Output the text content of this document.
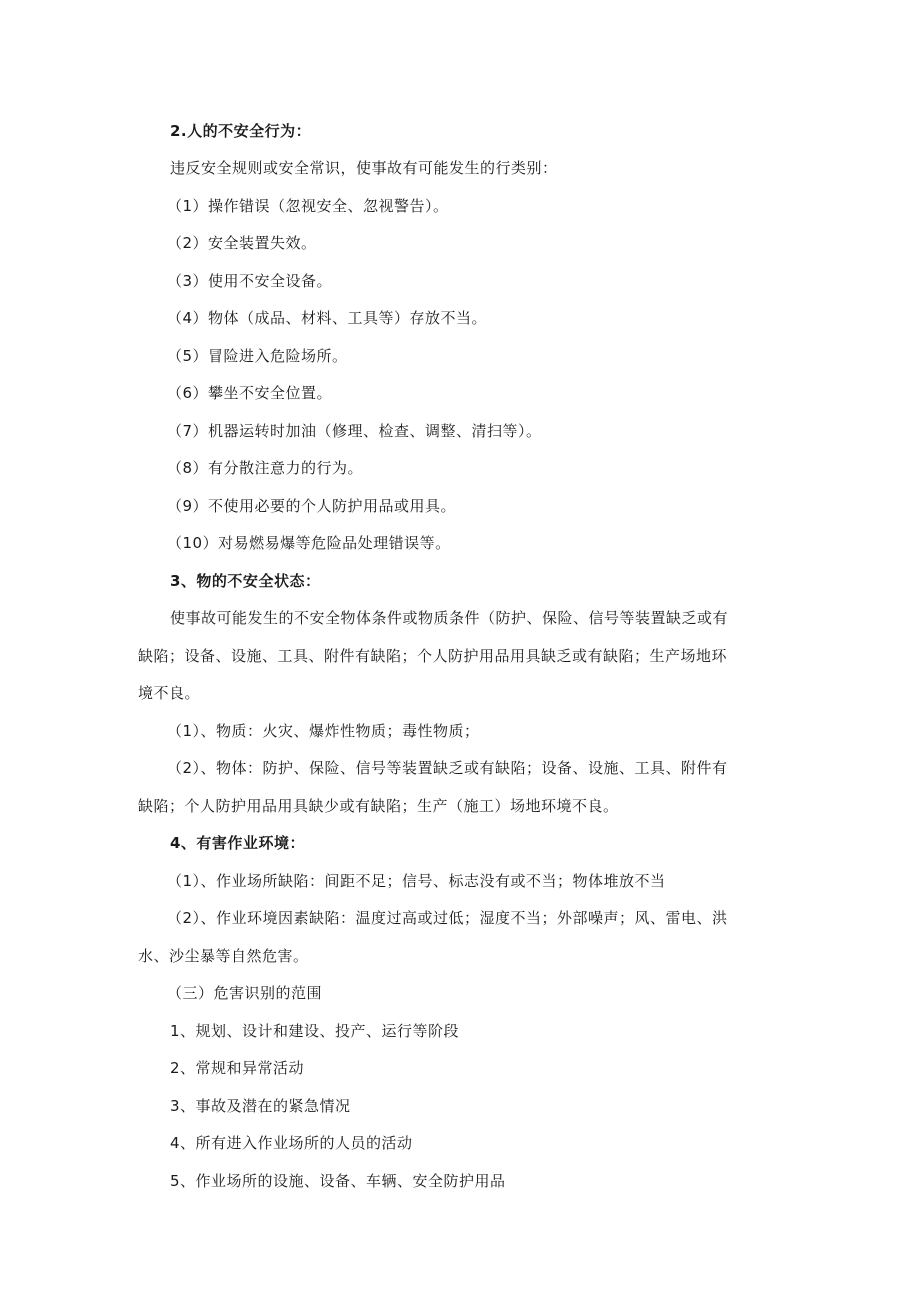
2.人的不安全行为：

违反安全规则或安全常识，使事故有可能发生的行类别：

（1）操作错误（忽视安全、忽视警告）。

（2）安全装置失效。

（3）使用不安全设备。

（4）物体（成品、材料、工具等）存放不当。

（5）冒险进入危险场所。

（6）攀坐不安全位置。

（7）机器运转时加油（修理、检查、调整、清扫等）。

（8）有分散注意力的行为。

（9）不使用必要的个人防护用品或用具。

（10）对易燃易爆等危险品处理错误等。

3、物的不安全状态：

使事故可能发生的不安全物体条件或物质条件（防护、保险、信号等装置缺乏或有

缺陷；设备、设施、工具、附件有缺陷；个人防护用品用具缺乏或有缺陷；生产场地环

境不良。

（1）、物质：火灾、爆炸性物质；毒性物质；

（2）、物体：防护、保险、信号等装置缺乏或有缺陷；设备、设施、工具、附件有

缺陷；个人防护用品用具缺少或有缺陷；生产（施工）场地环境不良。

4、有害作业环境：

（1）、作业场所缺陷：间距不足；信号、标志没有或不当；物体堆放不当

（2）、作业环境因素缺陷：温度过高或过低；湿度不当；外部噪声；风、雷电、洪

水、沙尘暴等自然危害。

（三）危害识别的范围

1、规划、设计和建设、投产、运行等阶段

2、常规和异常活动

3、事故及潜在的紧急情况

4、所有进入作业场所的人员的活动

5、作业场所的设施、设备、车辆、安全防护用品
